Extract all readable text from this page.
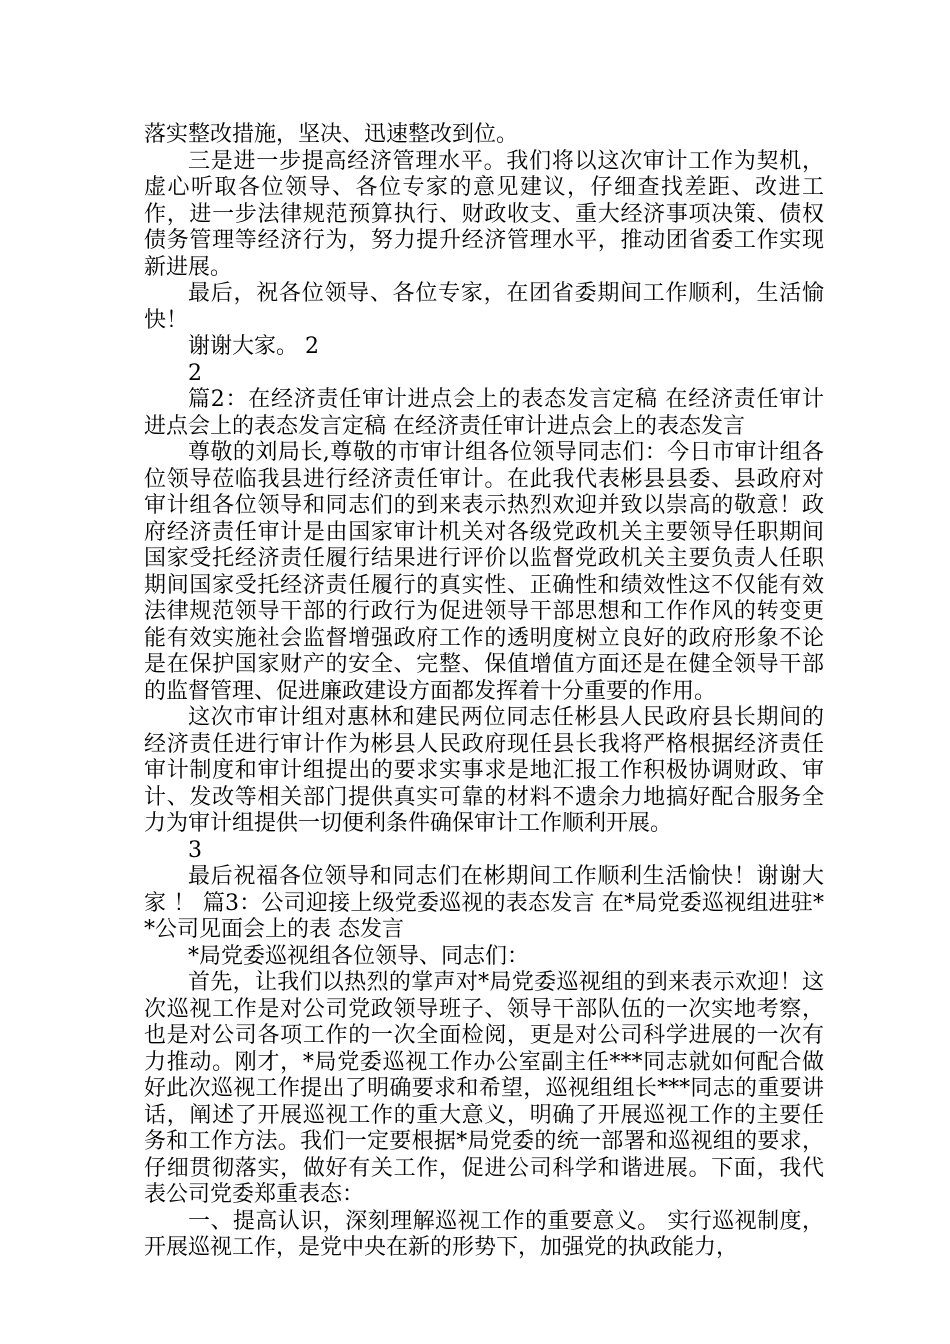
落实整改措施，坚决、迅速整改到位。

三是进一步提高经济管理水平。我们将以这次审计工作为契机，虚心听取各位领导、各位专家的意见建议，仔细查找差距、改进工作，进一步法律规范预算执行、财政收支、重大经济事项决策、债权债务管理等经济行为，努力提升经济管理水平，推动团省委工作实现新进展。

最后，祝各位领导、各位专家，在团省委期间工作顺利，生活愉快！

谢谢大家。 2

2

篇2：在经济责任审计进点会上的表态发言定稿 在经济责任审计进点会上的表态发言定稿 在经济责任审计进点会上的表态发言

尊敬的刘局长,尊敬的市审计组各位领导同志们：今日市审计组各位领导莅临我县进行经济责任审计。在此我代表彬县县委、县政府对审计组各位领导和同志们的到来表示热烈欢迎并致以崇高的敬意！政府经济责任审计是由国家审计机关对各级党政机关主要领导任职期间国家受托经济责任履行结果进行评价以监督党政机关主要负责人任职期间国家受托经济责任履行的真实性、正确性和绩效性这不仅能有效法律规范领导干部的行政行为促进领导干部思想和工作作风的转变更能有效实施社会监督增强政府工作的透明度树立良好的政府形象不论是在保护国家财产的安全、完整、保值增值方面还是在健全领导干部的监督管理、促进廉政建设方面都发挥着十分重要的作用。

这次市审计组对惠林和建民两位同志任彬县人民政府县长期间的经济责任进行审计作为彬县人民政府现任县长我将严格根据经济责任审计制度和审计组提出的要求实事求是地汇报工作积极协调财政、审计、发改等相关部门提供真实可靠的材料不遗余力地搞好配合服务全力为审计组提供一切便利条件确保审计工作顺利开展。

3

最后祝福各位领导和同志们在彬期间工作顺利生活愉快！谢谢大家 ！ 篇3：公司迎接上级党委巡视的表态发言 在*局党委巡视组进驻**公司见面会上的表 态发言

*局党委巡视组各位领导、同志们：

首先，让我们以热烈的掌声对*局党委巡视组的到来表示欢迎！这次巡视工作是对公司党政领导班子、领导干部队伍的一次实地考察，也是对公司各项工作的一次全面检阅，更是对公司科学进展的一次有力推动。刚才，*局党委巡视工作办公室副主任***同志就如何配合做好此次巡视工作提出了明确要求和希望，巡视组组长***同志的重要讲话，阐述了开展巡视工作的重大意义，明确了开展巡视工作的主要任务和工作方法。我们一定要根据*局党委的统一部署和巡视组的要求，仔细贯彻落实，做好有关工作，促进公司科学和谐进展。下面，我代表公司党委郑重表态：

一、提高认识，深刻理解巡视工作的重要意义。 实行巡视制度，开展巡视工作，是党中央在新的形势下，加强党的执政能力，
